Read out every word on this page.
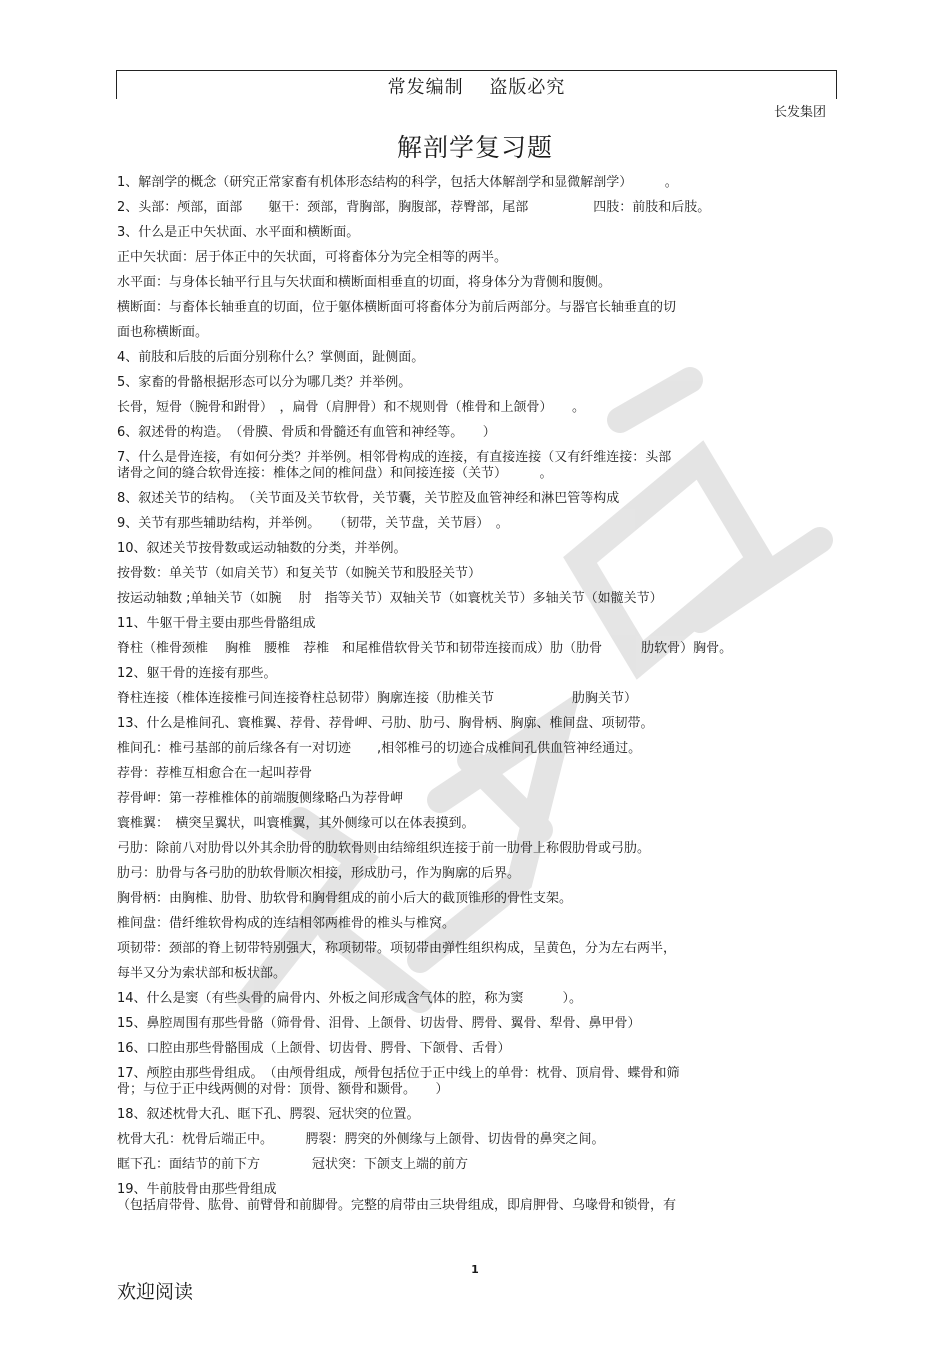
常发编制　 盗版必究
长发集团
解剖学复习题
1、解剖学的概念（研究正常家畜有机体形态结构的科学，包括大体解剖学和显微解剖学）　　　。
2、头部：颅部，面部　　躯干：颈部，背胸部，胸腹部，荐臀部，尾部　　　　　四肢：前肢和后肢。
3、什么是正中矢状面、水平面和横断面。
正中矢状面：居于体正中的矢状面，可将畜体分为完全相等的两半。
水平面：与身体长轴平行且与矢状面和横断面相垂直的切面，将身体分为背侧和腹侧。
横断面：与畜体长轴垂直的切面，位于躯体横断面可将畜体分为前后两部分。与器官长轴垂直的切
面也称横断面。
4、前肢和后肢的后面分别称什么？掌侧面，趾侧面。
5、家畜的骨骼根据形态可以分为哪几类？并举例。
长骨，短骨（腕骨和跗骨）　，扁骨（肩胛骨）和不规则骨（椎骨和上颌骨）　　。
6、叙述骨的构造。　（骨膜、骨质和骨髓还有血管和神经等。　　）
7、什么是骨连接，有如何分类？并举例。相邻骨构成的连接，有直接连接（又有纤维连接：头部
诸骨之间的缝合软骨连接：椎体之间的椎间盘）和间接连接（关节）　　　。
8、叙述关节的结构。　（关节面及关节软骨，关节囊，关节腔及血管神经和淋巴管等构成
9、关节有那些辅助结构，并举例。　　（韧带，关节盘，关节唇）　。
10、叙述关节按骨数或运动轴数的分类，并举例。
按骨数：单关节（如肩关节）和复关节（如腕关节和股胫关节）
按运动轴数 ;单轴关节（如腕　 肘　指等关节）双轴关节（如寰枕关节）多轴关节（如髋关节）
11、牛躯干骨主要由那些骨骼组成
脊柱（椎骨颈椎　 胸椎　腰椎　荐椎　和尾椎借软骨关节和韧带连接而成）肋（肋骨　　　肋软骨）胸骨。
12、躯干骨的连接有那些。
脊柱连接（椎体连接椎弓间连接脊柱总韧带）胸廓连接（肋椎关节　　　　　　肋胸关节）
13、什么是椎间孔、寰椎翼、荐骨、荐骨岬、弓肋、肋弓、胸骨柄、胸廓、椎间盘、项韧带。
椎间孔：椎弓基部的前后缘各有一对切迹　　,相邻椎弓的切迹合成椎间孔供血管神经通过。
荐骨：荐椎互相愈合在一起叫荐骨
荐骨岬：第一荐椎椎体的前端腹侧缘略凸为荐骨岬
寰椎翼：　横突呈翼状，叫寰椎翼，其外侧缘可以在体表摸到。
弓肋：除前八对肋骨以外其余肋骨的肋软骨则由结缔组织连接于前一肋骨上称假肋骨或弓肋。
肋弓：肋骨与各弓肋的肋软骨顺次相接，形成肋弓，作为胸廓的后界。
胸骨柄：由胸椎、肋骨、肋软骨和胸骨组成的前小后大的截顶锥形的骨性支架。
椎间盘：借纤维软骨构成的连结相邻两椎骨的椎头与椎窝。
项韧带：颈部的脊上韧带特别强大，称项韧带。项韧带由弹性组织构成，呈黄色，分为左右两半，
每半又分为索状部和板状部。
14、什么是窦（有些头骨的扁骨内、外板之间形成含气体的腔，称为窦　　　）。
15、鼻腔周围有那些骨骼（筛骨骨、泪骨、上颌骨、切齿骨、腭骨、翼骨、犁骨、鼻甲骨）
16、口腔由那些骨骼围成（上颌骨、切齿骨、腭骨、下颌骨、舌骨）
17、颅腔由那些骨组成。　（由颅骨组成，颅骨包括位于正中线上的单骨：枕骨、顶肩骨、蝶骨和筛
骨；与位于正中线两侧的对骨：顶骨、额骨和颞骨。　　）
18、叙述枕骨大孔、眶下孔、腭裂、冠状突的位置。
枕骨大孔：枕骨后端正中。　　　腭裂：腭突的外侧缘与上颌骨、切齿骨的鼻突之间。
眶下孔：面结节的前下方　　　　冠状突：下颌支上端的前方
19、牛前肢骨由那些骨组成
（包括肩带骨、肱骨、前臂骨和前脚骨。完整的肩带由三块骨组成，即肩胛骨、乌喙骨和锁骨，有
1
欢迎阅读
